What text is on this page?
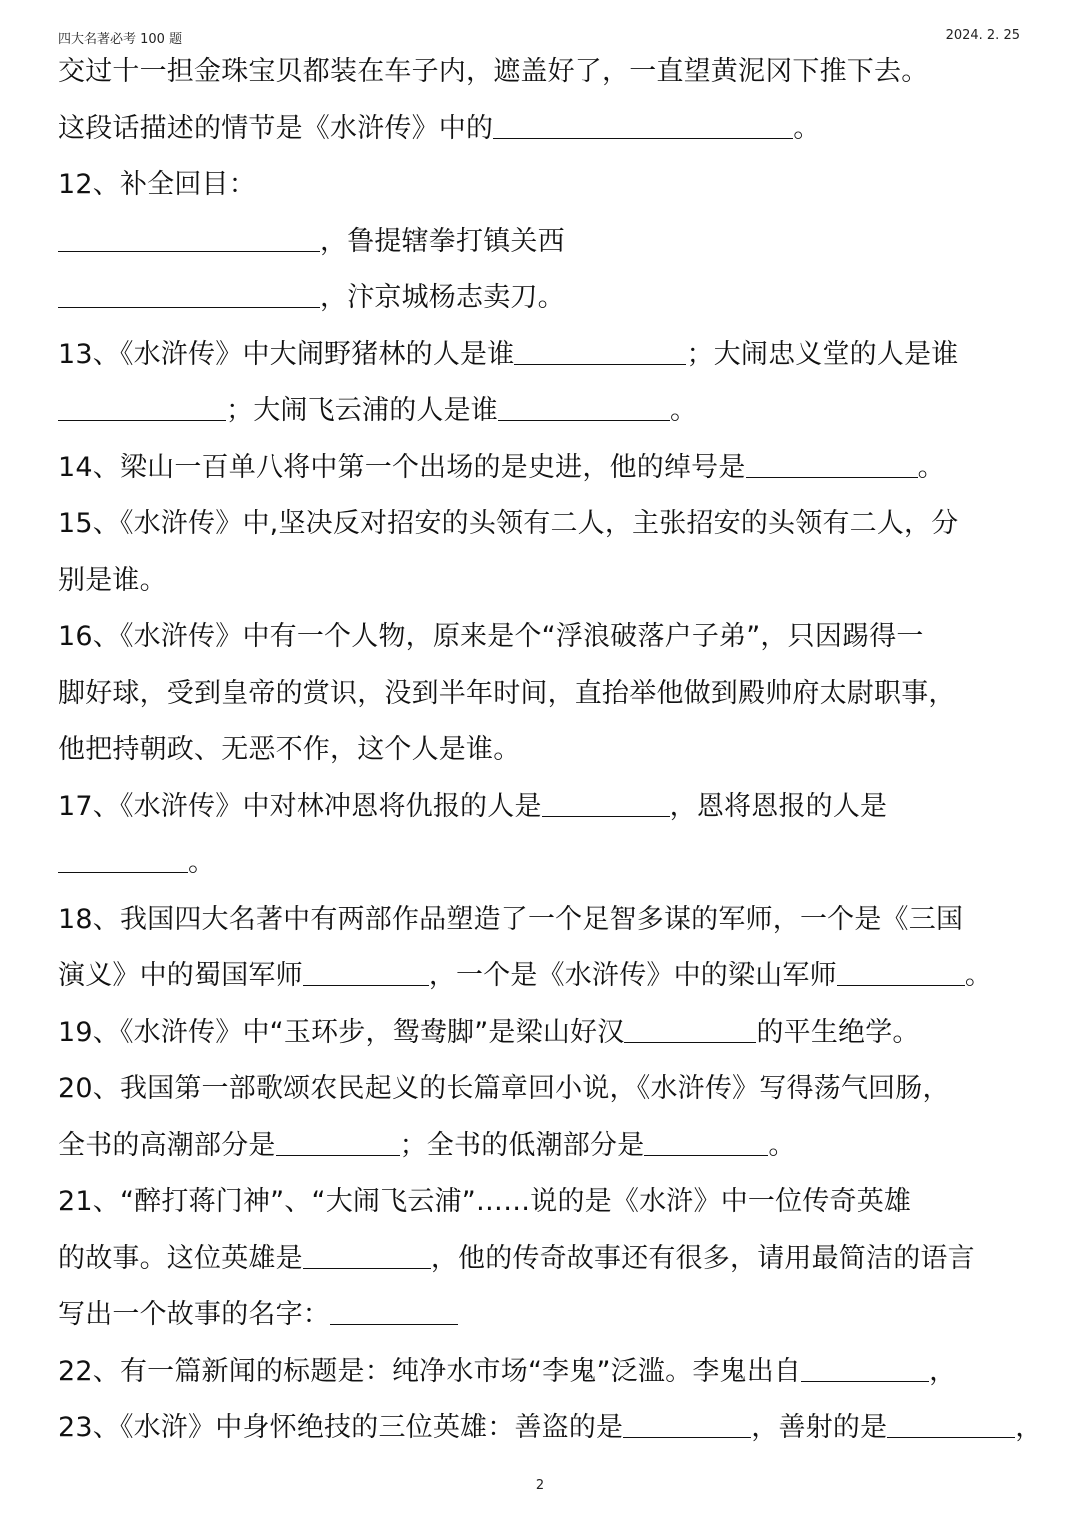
四大名著必考 100 题	2024. 2. 25
交过十一担金珠宝贝都装在车子内，遮盖好了，一直望黄泥冈下推下去。
这段话描述的情节是《水浒传》中的	。
12、补全回目：
，鲁提辖拳打镇关西
，汴京城杨志卖刀。
13、《水浒传》中大闹野猪林的人是谁	；大闹忠义堂的人是谁
；大闹飞云浦的人是谁	。
14、梁山一百单八将中第一个出场的是史进，他的绰号是	。
15、《水浒传》中,坚决反对招安的头领有二人，主张招安的头领有二人，分
别是谁。
16、《水浒传》中有一个人物，原来是个“浮浪破落户子弟”，只因踢得一
脚好球，受到皇帝的赏识，没到半年时间，直抬举他做到殿帅府太尉职事，
他把持朝政、无恶不作，这个人是谁。
17、《水浒传》中对林冲恩将仇报的人是	，恩将恩报的人是
。
18、我国四大名著中有两部作品塑造了一个足智多谋的军师，一个是《三国
演义》中的蜀国军师	，一个是《水浒传》中的梁山军师	。
19、《水浒传》中“玉环步，鸳鸯脚”是梁山好汉	的平生绝学。
20、我国第一部歌颂农民起义的长篇章回小说，《水浒传》写得荡气回肠，
全书的高潮部分是	；全书的低潮部分是	。
21、“醉打蒋门神”、“大闹飞云浦”……说的是《水浒》中一位传奇英雄
的故事。这位英雄是	，他的传奇故事还有很多，请用最简洁的语言
写出一个故事的名字：
22、有一篇新闻的标题是：纯净水市场“李鬼”泛滥。李鬼出自	，
23、《水浒》中身怀绝技的三位英雄：善盗的是	，善射的是	，
2
